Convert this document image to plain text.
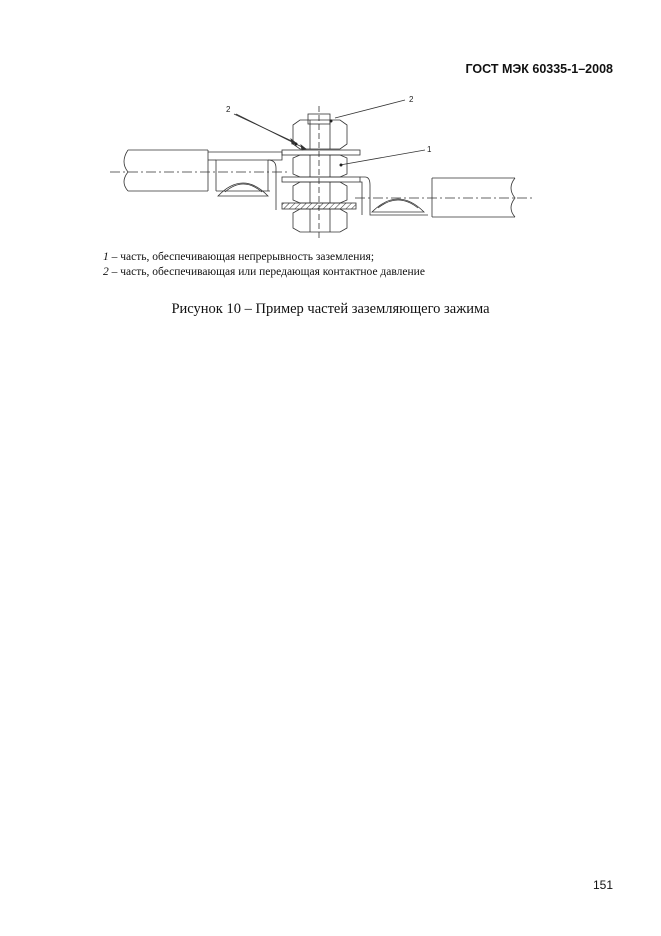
ГОСТ МЭК 60335-1–2008
2
2
1
1 – часть, обеспечивающая непрерывность заземления;
2 – часть, обеспечивающая или передающая контактное давление
Рисунок 10 – Пример частей заземляющего зажима
151
